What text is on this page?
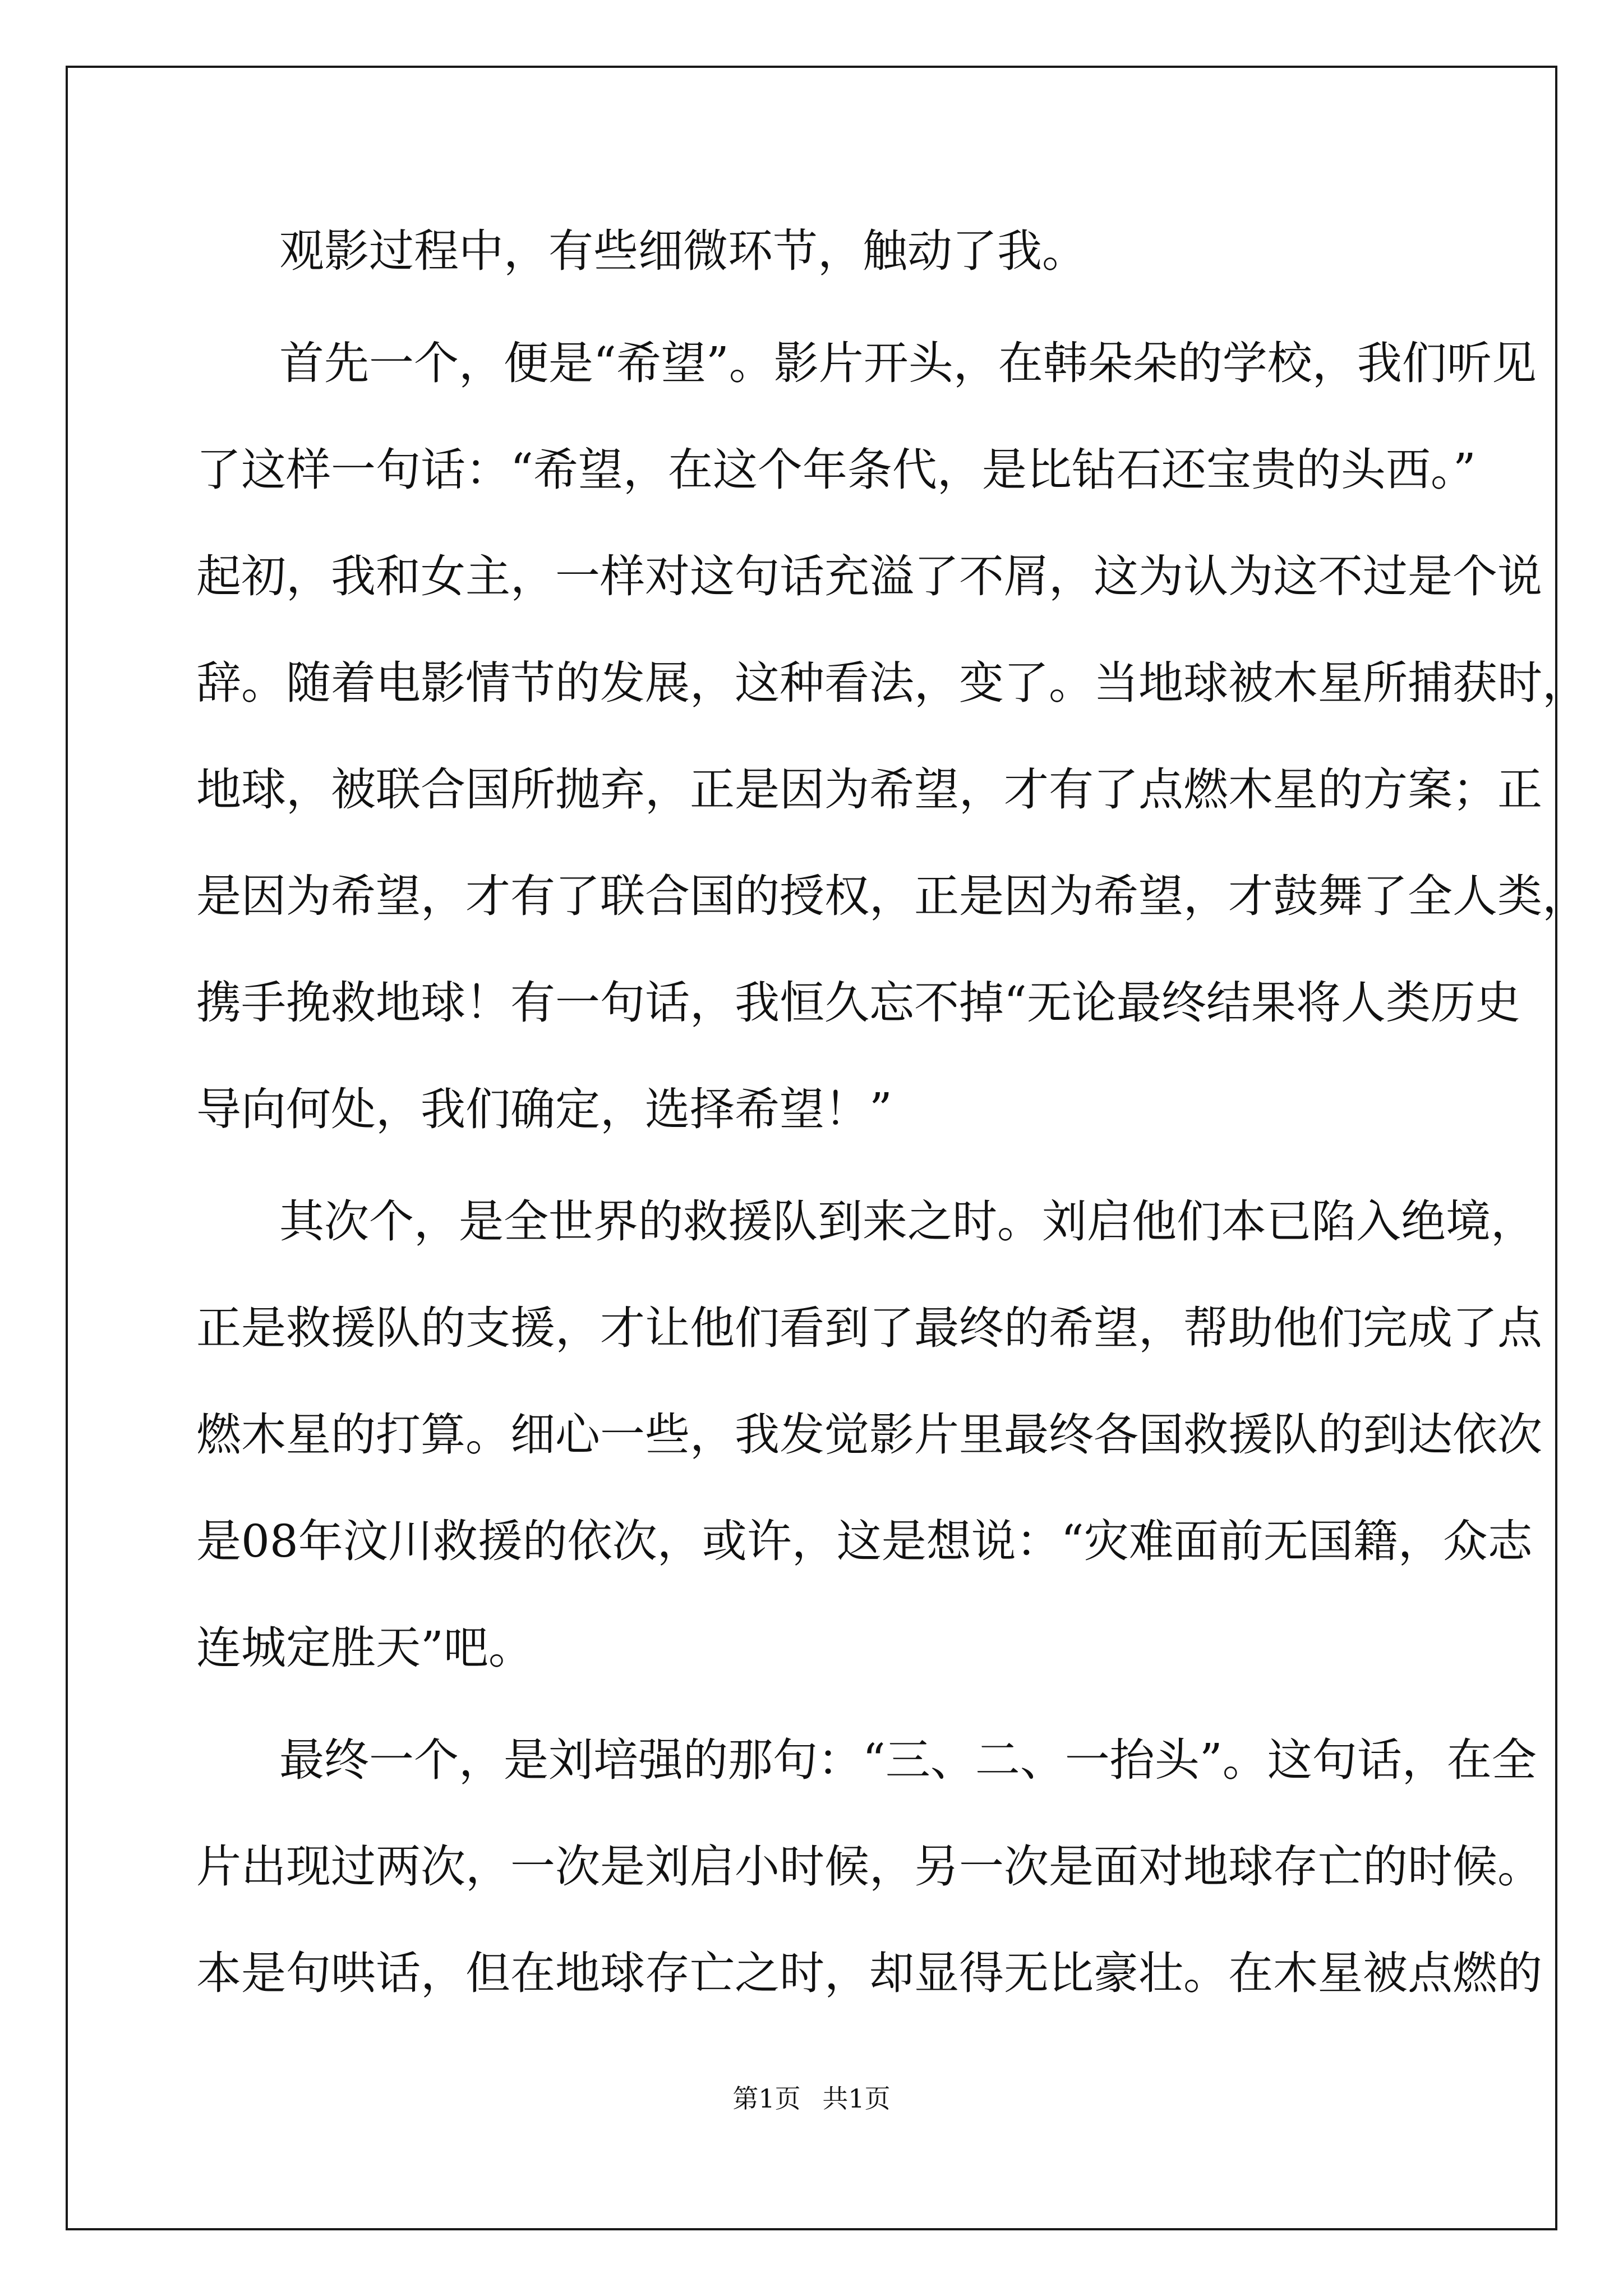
观影过程中，有些细微环节，触动了我。
首先一个，便是“希望”。影片开头，在韩朵朵的学校，我们听见
了这样一句话：“希望，在这个年条代，是比钻石还宝贵的头西。”
起初，我和女主，一样对这句话充溢了不屑，这为认为这不过是个说
辞。随着电影情节的发展，这种看法，变了。当地球被木星所捕获时，
地球，被联合国所抛弃，正是因为希望，才有了点燃木星的方案；正
是因为希望，才有了联合国的授权，正是因为希望，才鼓舞了全人类，
携手挽救地球！有一句话，我恒久忘不掉“无论最终结果将人类历史
导向何处，我们确定，选择希望！”
其次个，是全世界的救援队到来之时。刘启他们本已陷入绝境，
正是救援队的支援，才让他们看到了最终的希望，帮助他们完成了点
燃木星的打算。细心一些，我发觉影片里最终各国救援队的到达依次
是08年汶川救援的依次，或许，这是想说：“灾难面前无国籍，众志
连城定胜天”吧。
最终一个，是刘培强的那句：“三、二、一抬头”。这句话，在全
片出现过两次，一次是刘启小时候，另一次是面对地球存亡的时候。
本是句哄话，但在地球存亡之时，却显得无比豪壮。在木星被点燃的
第1页 共1页
